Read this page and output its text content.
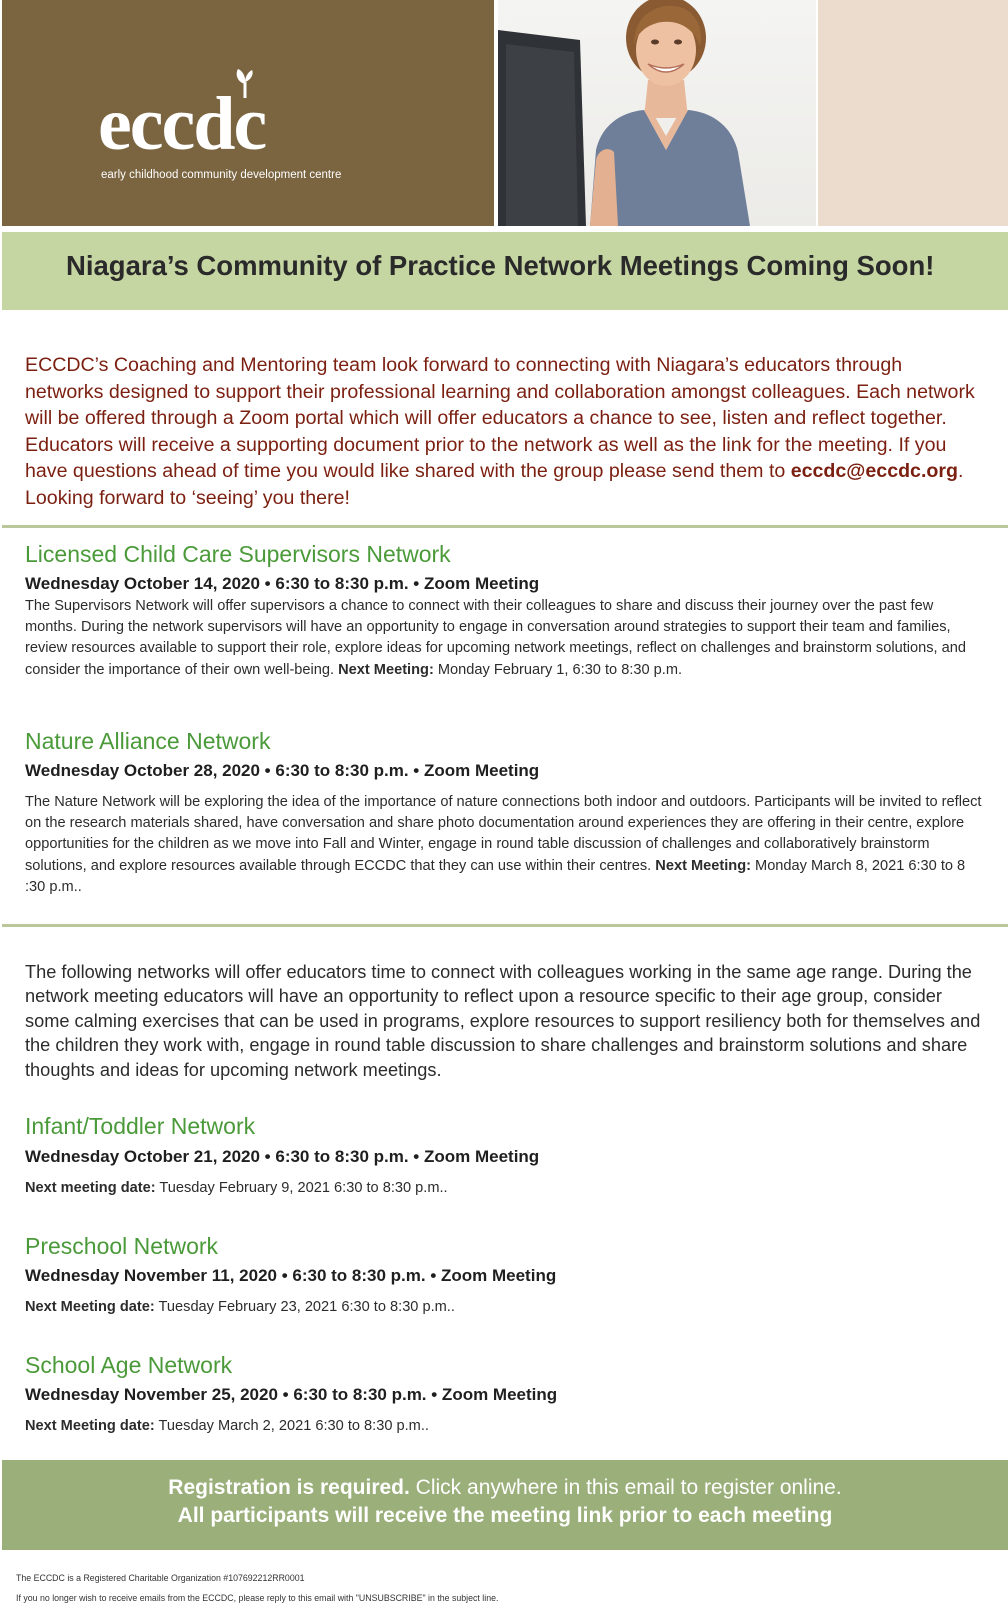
eccdc
early childhood community development centre
Niagara’s Community of Practice Network Meetings Coming Soon!

ECCDC’s Coaching and Mentoring team look forward to connecting with Niagara’s educators through networks designed to support their professional learning and collaboration amongst colleagues. Each network will be offered through a Zoom portal which will offer educators a chance to see, listen and reflect together. Educators will receive a supporting document prior to the network as well as the link for the meeting. If you have questions ahead of time you would like shared with the group please send them to eccdc@eccdc.org. Looking forward to ‘seeing’ you there!

Licensed Child Care Supervisors Network
Wednesday October 14, 2020 • 6:30 to 8:30 p.m. • Zoom Meeting

The Supervisors Network will offer supervisors a chance to connect with their colleagues to share and discuss their journey over the past few months. During the network supervisors will have an opportunity to engage in conversation around strategies to support their team and families, review resources available to support their role, explore ideas for upcoming network meetings, reflect on challenges and brainstorm solutions, and consider the importance of their own well-being. Next Meeting: Monday February 1, 6:30 to 8:30 p.m.

Nature Alliance Network
Wednesday October 28, 2020 • 6:30 to 8:30 p.m. • Zoom Meeting

The Nature Network will be exploring the idea of the importance of nature connections both indoor and outdoors. Participants will be invited to reflect on the research materials shared, have conversation and share photo documentation around experiences they are offering in their centre, explore opportunities for the children as we move into Fall and Winter, engage in round table discussion of challenges and collaboratively brainstorm solutions, and explore resources available through ECCDC that they can use within their centres. Next Meeting: Monday March 8, 2021 6:30 to 8 :30 p.m..

The following networks will offer educators time to connect with colleagues working in the same age range. During the network meeting educators will have an opportunity to reflect upon a resource specific to their age group, consider some calming exercises that can be used in programs, explore resources to support resiliency both for themselves and the children they work with, engage in round table discussion to share challenges and brainstorm solutions and share thoughts and ideas for upcoming network meetings.

Infant/Toddler Network
Wednesday October 21, 2020 • 6:30 to 8:30 p.m. • Zoom Meeting
Next meeting date: Tuesday February 9, 2021 6:30 to 8:30 p.m..
Preschool Network
Wednesday November 11, 2020 • 6:30 to 8:30 p.m. • Zoom Meeting
Next Meeting date: Tuesday February 23, 2021 6:30 to 8:30 p.m..
School Age Network
Wednesday November 25, 2020 • 6:30 to 8:30 p.m. • Zoom Meeting
Next Meeting date: Tuesday March 2, 2021 6:30 to 8:30 p.m..
Registration is required. Click anywhere in this email to register online.
All participants will receive the meeting link prior to each meeting
The ECCDC is a Registered Charitable Organization #107692212RR0001
If you no longer wish to receive emails from the ECCDC, please reply to this email with "UNSUBSCRIBE" in the subject line.
